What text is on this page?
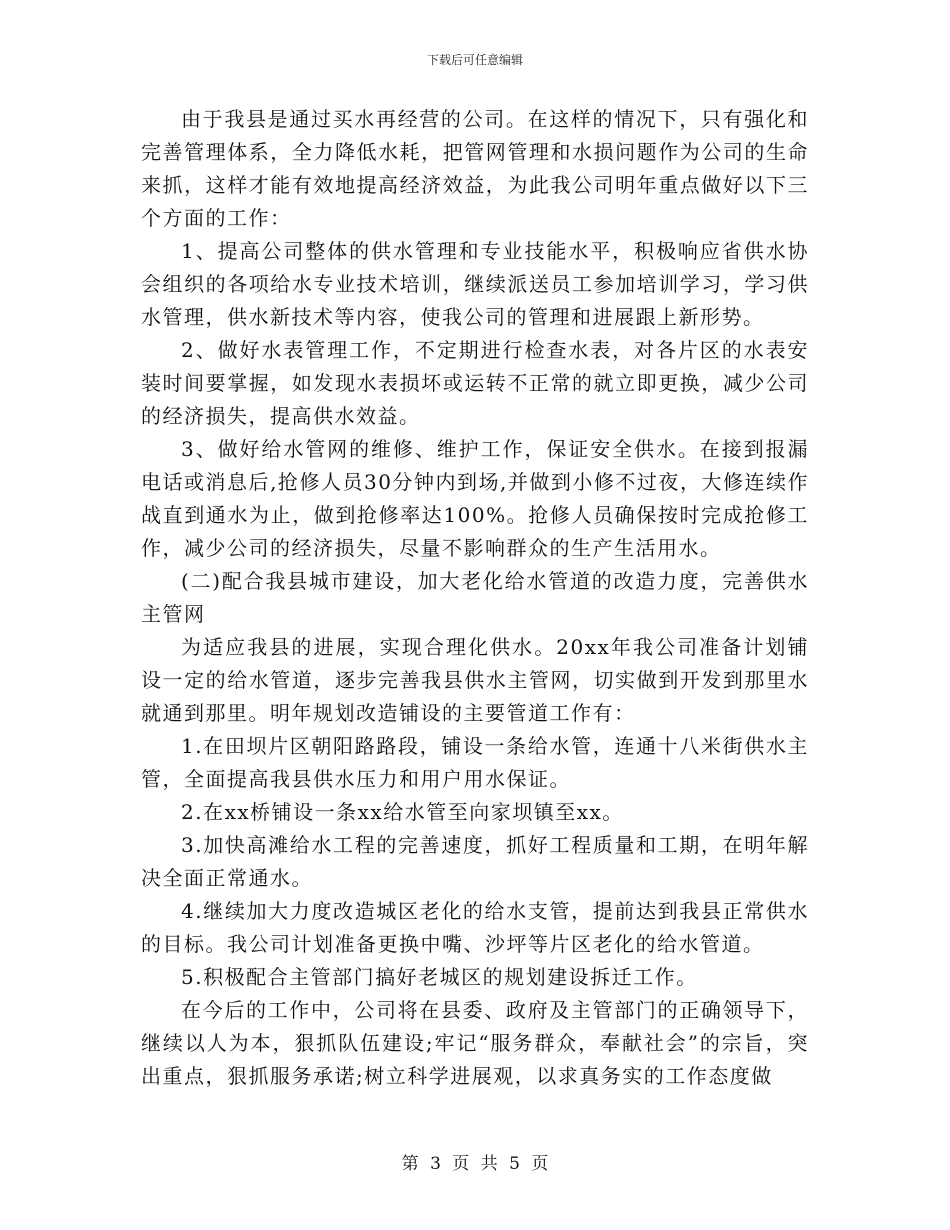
下载后可任意编辑

由于我县是通过买水再经营的公司。在这样的情况下，只有强化和完善管理体系，全力降低水耗，把管网管理和水损问题作为公司的生命来抓，这样才能有效地提高经济效益，为此我公司明年重点做好以下三个方面的工作：

1、提高公司整体的供水管理和专业技能水平，积极响应省供水协会组织的各项给水专业技术培训，继续派送员工参加培训学习，学习供水管理，供水新技术等内容，使我公司的管理和进展跟上新形势。

2、做好水表管理工作，不定期进行检查水表，对各片区的水表安装时间要掌握，如发现水表损坏或运转不正常的就立即更换，减少公司的经济损失，提高供水效益。

3、做好给水管网的维修、维护工作，保证安全供水。在接到报漏电话或消息后,抢修人员30分钟内到场,并做到小修不过夜，大修连续作战直到通水为止，做到抢修率达100%。抢修人员确保按时完成抢修工作，减少公司的经济损失，尽量不影响群众的生产生活用水。

(二)配合我县城市建设，加大老化给水管道的改造力度，完善供水主管网

为适应我县的进展，实现合理化供水。20xx年我公司准备计划铺设一定的给水管道，逐步完善我县供水主管网，切实做到开发到那里水就通到那里。明年规划改造铺设的主要管道工作有：

1.在田坝片区朝阳路路段，铺设一条给水管，连通十八米街供水主管，全面提高我县供水压力和用户用水保证。

2.在xx桥铺设一条xx给水管至向家坝镇至xx。

3.加快高滩给水工程的完善速度，抓好工程质量和工期，在明年解决全面正常通水。

4.继续加大力度改造城区老化的给水支管，提前达到我县正常供水的目标。我公司计划准备更换中嘴、沙坪等片区老化的给水管道。

5.积极配合主管部门搞好老城区的规划建设拆迁工作。

在今后的工作中，公司将在县委、政府及主管部门的正确领导下，继续以人为本，狠抓队伍建设;牢记“服务群众，奉献社会”的宗旨，突出重点，狠抓服务承诺;树立科学进展观，以求真务实的工作态度做

第 3 页 共 5 页
